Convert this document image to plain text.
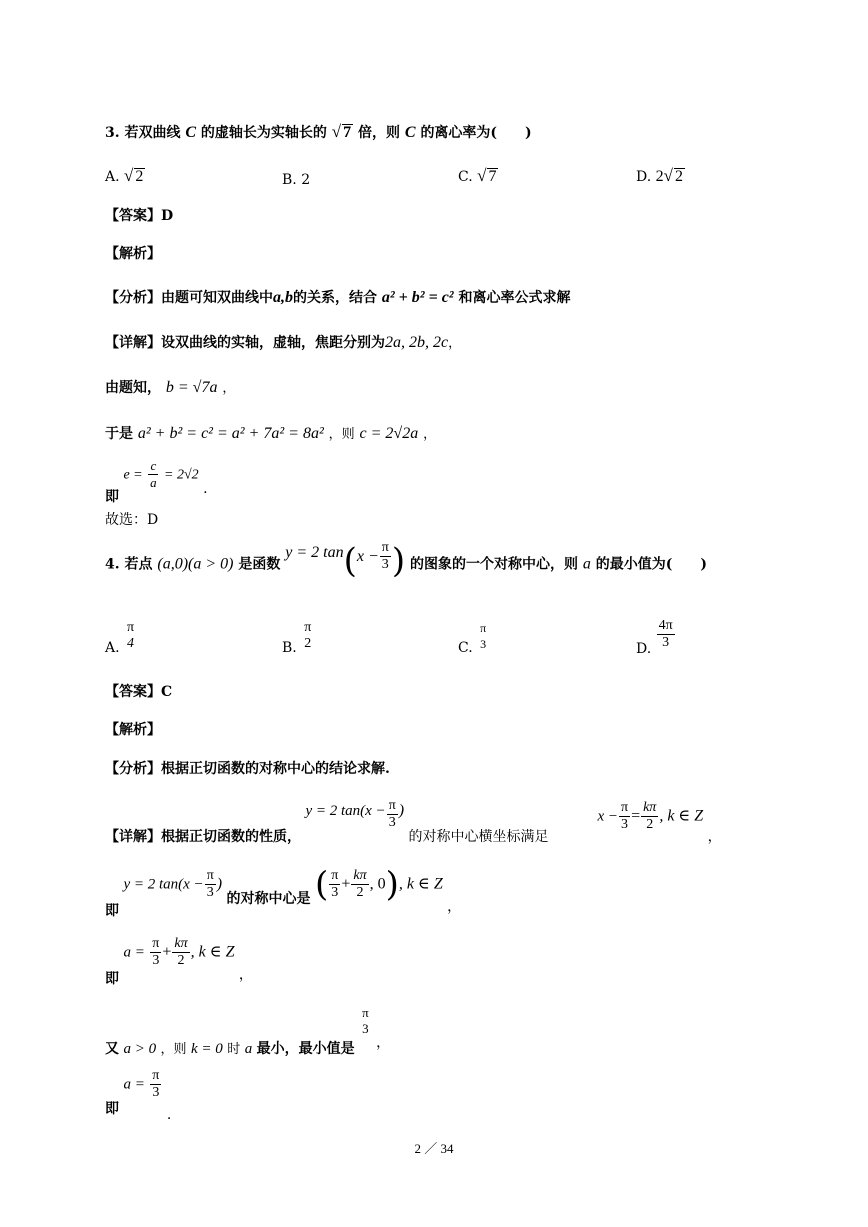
3. 若双曲线 C 的虚轴长为实轴长的 √ 7 倍，则 C 的离心率为(　　)
A. √ 2	B. 2	C. √ 7	D. 2√ 2
【答案】D
【解析】
【分析】由题可知双曲线中a,b的关系，结合 a² + b² = c² 和离心率公式求解
【详解】设双曲线的实轴，虚轴，焦距分别为2a, 2b, 2c，
由题知， b = √7a ，
于是 a² + b² = c² = a² + 7a² = 8a² ，则 c = 2√2a ，
即 $e = \frac{c}{a} = 2√2$ .
故选：D
4. 若点 (a,0)(a > 0) 是函数 y = 2 $\tan(x - \frac{\pi}{3}$ ) 的图象的一个对称中心，则 a 的最小值为(　　)
A.
π
4	B.
π
2	C.
π
3	D. $\frac{4\pi}{3}$
【答案】C
【解析】
【分析】根据正切函数的对称中心的结论求解.
【详解】根据正切函数的性质， y = 2 $\tan(x - \frac{\pi}{3}$ ) 的对称中心横坐标满足  $x - \frac{\pi}{3} = \frac{k\pi}{2}$ , k ∈ Z ，
即 y = 2 $\tan(x - \frac{\pi}{3}$ ) 的对称中心是 ( $\frac{\pi}{3} + \frac{k\pi}{2}$ , 0), k ∈ Z ，
即 $a = \frac{\pi}{3} + \frac{k\pi}{2}$ , k ∈ Z ，
又 a > 0 ，则 k = 0 时 a 最小，最小值是
π
3
，
即 $a = \frac{\pi}{3}$
.
2 ／ 34
